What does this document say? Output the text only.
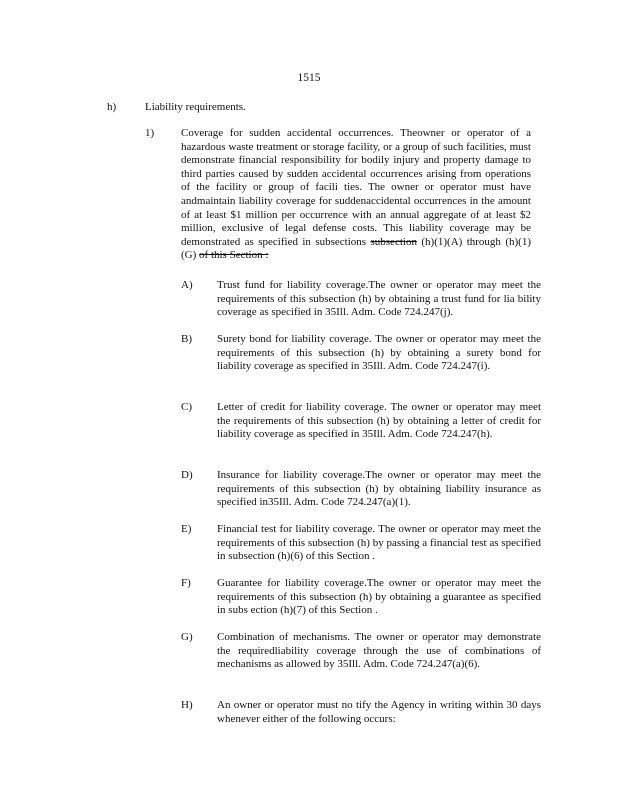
1515
h)	Liability requirements.
1) Coverage for sudden accidental occurrences. Theowner or operator of a hazardous waste treatment or storage facility, or a group of such facilities, must demonstrate financial responsibility for bodily injury and property damage to third parties caused by sudden accidental occurrences arising from operations of the facility or group of facili ties. The owner or operator must have andmaintain liability coverage for suddenaccidental occurrences in the amount of at least $1 million per occurrence with an annual aggregate of at least $2 million, exclusive of legal defense costs. This liability coverage may be demonstrated as specified in subsections subsection (h)(1)(A) through (h)(1)(G) of this Section :
A) Trust fund for liability coverage.The owner or operator may meet the requirements of this subsection (h) by obtaining a trust fund for lia bility coverage as specified in 35Ill. Adm. Code 724.247(j).
B) Surety bond for liability coverage. The owner or operator may meet the requirements of this subsection (h) by obtaining a surety bond for liability coverage as specified in 35Ill. Adm. Code 724.247(i).
C) Letter of credit for liability coverage. The owner or operator may meet the requirements of this subsection (h) by obtaining a letter of credit for liability coverage as specified in 35Ill. Adm. Code 724.247(h).
D) Insurance for liability coverage.The owner or operator may meet the requirements of this subsection (h) by obtaining liability insurance as specified in35Ill. Adm. Code 724.247(a)(1).
E) Financial test for liability coverage. The owner or operator may meet the requirements of this subsection (h) by passing a financial test as specified in subsection (h)(6) of this Section .
F) Guarantee for liability coverage.The owner or operator may meet the requirements of this subsection (h) by obtaining a guarantee as specified in subs ection (h)(7) of this Section .
G) Combination of mechanisms. The owner or operator may demonstrate the requiredliability coverage through the use of combinations of mechanisms as allowed by 35Ill. Adm. Code 724.247(a)(6).
H) An owner or operator must no tify the Agency in writing within 30 days whenever either of the following occurs:
